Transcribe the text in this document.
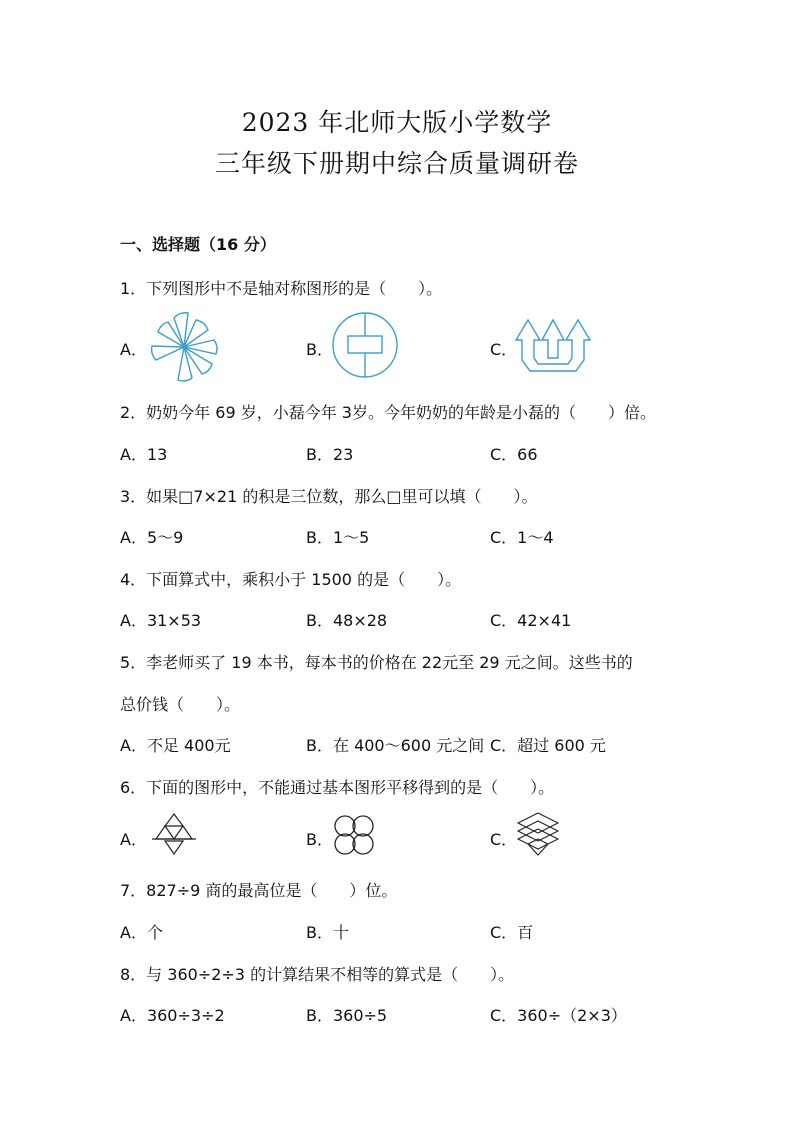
2023 年北师大版小学数学
三年级下册期中综合质量调研卷
一、选择题（16 分）
1．下列图形中不是轴对称图形的是（　　）。
A．	B．	C．
2．奶奶今年 69 岁，小磊今年 3岁。今年奶奶的年龄是小磊的（　　）倍。
A．13	B．23	C．66
3．如果□7×21 的积是三位数，那么□里可以填（　　）。
A．5～9	B．1～5	C．1～4
4．下面算式中，乘积小于 1500 的是（　　）。
A．31×53	B．48×28	C．42×41
5．李老师买了 19 本书，每本书的价格在 22元至 29 元之间。这些书的
总价钱（　　）。
A．不足 400元	B．在 400～600 元之间 C．超过 600 元
6．下面的图形中，不能通过基本图形平移得到的是（　　）。
A．	B．	C．
7．827÷9 商的最高位是（　　）位。
A．个	B．十	C．百
8．与 360÷2÷3 的计算结果不相等的算式是（　　）。
A．360÷3÷2	B．360÷5	C．360÷（2×3）
